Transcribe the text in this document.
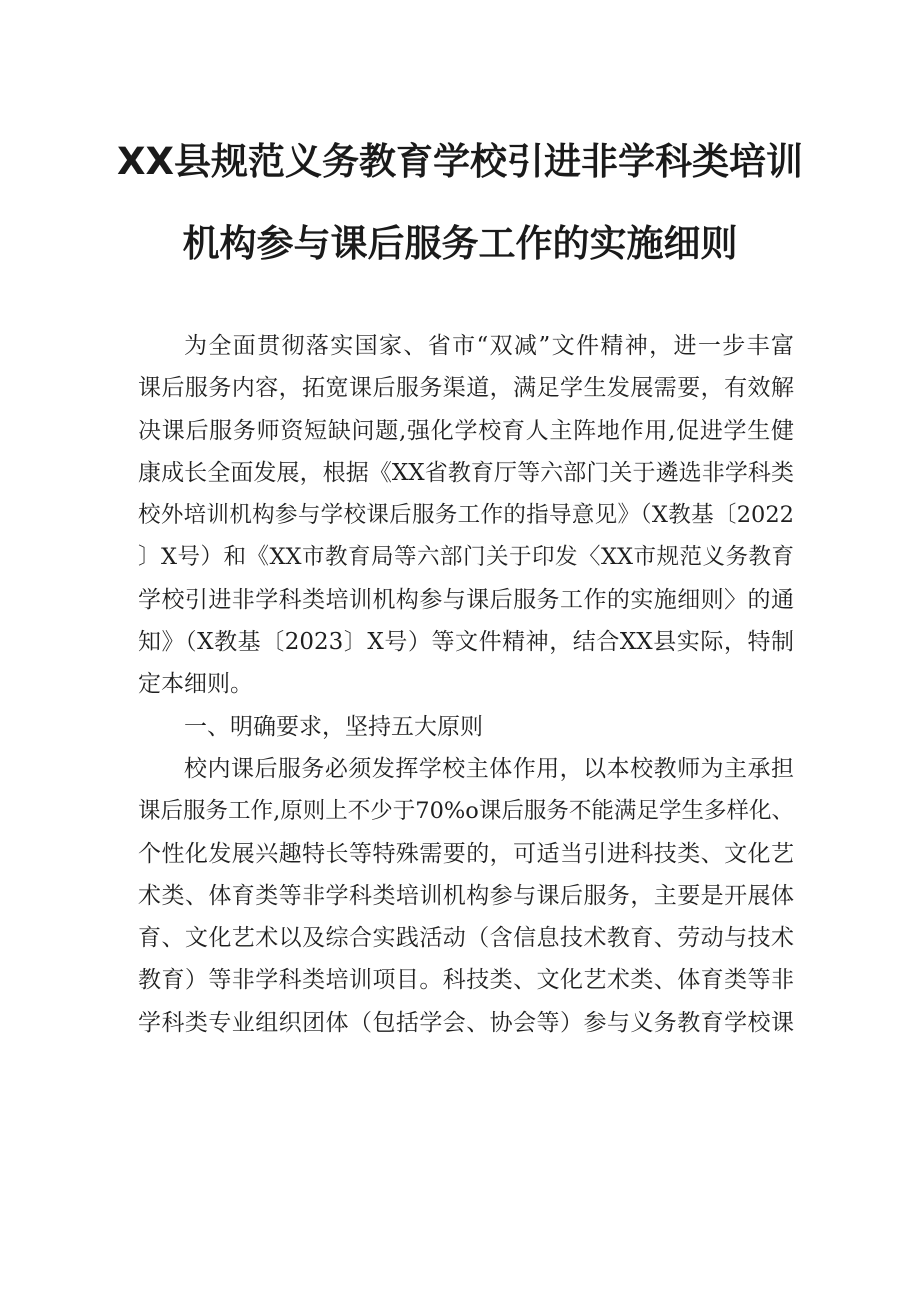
XX县规范义务教育学校引进非学科类培训
机构参与课后服务工作的实施细则
为全面贯彻落实国家、省市“双减”文件精神，进一步丰富
课后服务内容，拓宽课后服务渠道，满足学生发展需要，有效解
决课后服务师资短缺问题,强化学校育人主阵地作用,促进学生健
康成长全面发展，根据《XX省教育厅等六部门关于遴选非学科类
校外培训机构参与学校课后服务工作的指导意见》（X教基〔2022
〕X号）和《XX市教育局等六部门关于印发〈XX市规范义务教育
学校引进非学科类培训机构参与课后服务工作的实施细则〉的通
知》（X教基〔2023〕X号）等文件精神，结合XX县实际，特制
定本细则。
一、明确要求，坚持五大原则
校内课后服务必须发挥学校主体作用，以本校教师为主承担
课后服务工作,原则上不少于70%o课后服务不能满足学生多样化、
个性化发展兴趣特长等特殊需要的，可适当引进科技类、文化艺
术类、体育类等非学科类培训机构参与课后服务，主要是开展体
育、文化艺术以及综合实践活动（含信息技术教育、劳动与技术
教育）等非学科类培训项目。科技类、文化艺术类、体育类等非
学科类专业组织团体（包括学会、协会等）参与义务教育学校课
